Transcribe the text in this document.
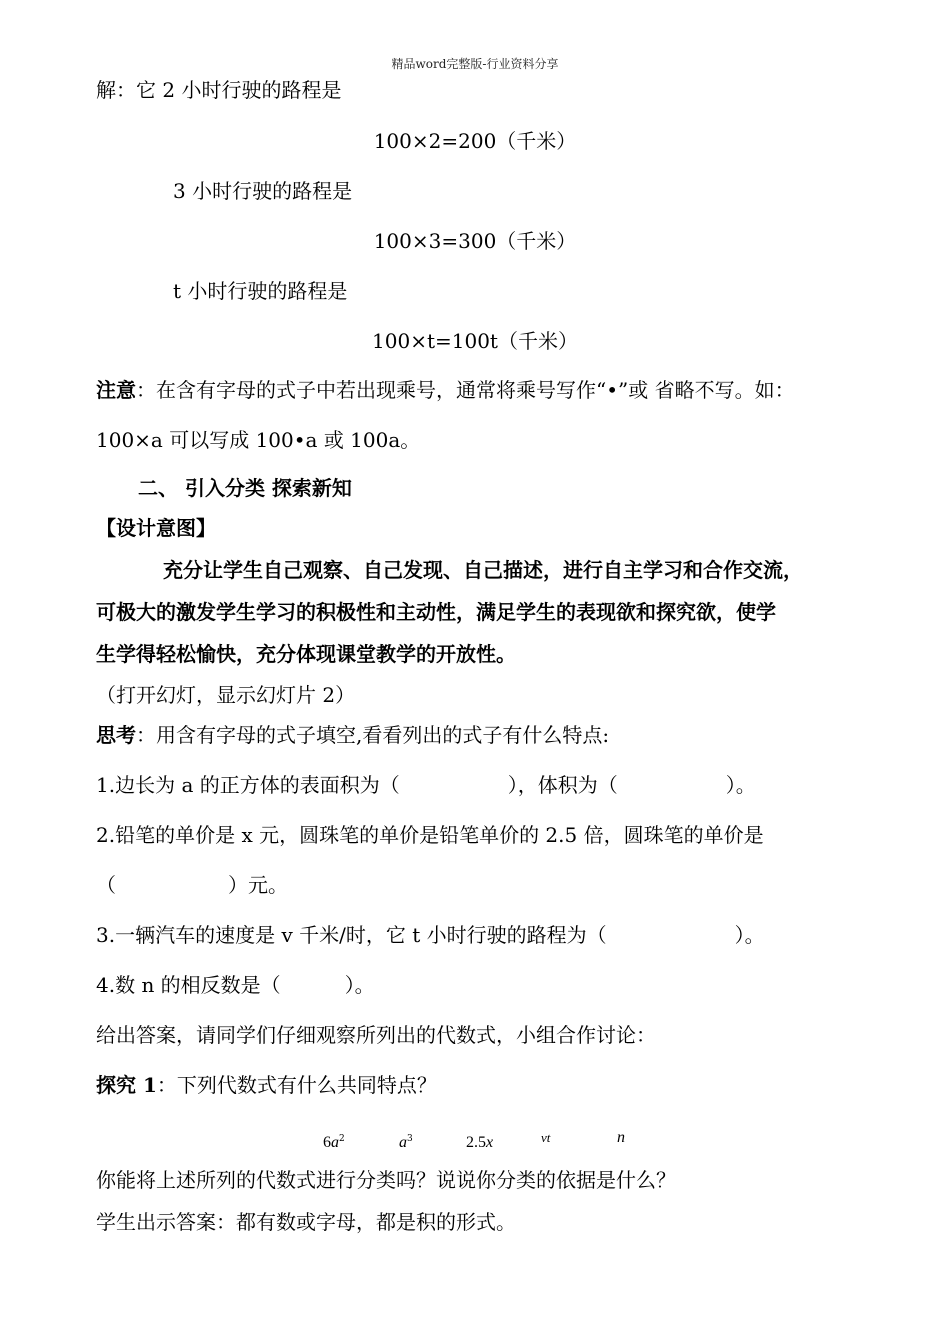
精品word完整版-行业资料分享
解：它 2 小时行驶的路程是
100×2=200（千米）
3 小时行驶的路程是
100×3=300（千米）
t 小时行驶的路程是
100×t=100t（千米）
注意：在含有字母的式子中若出现乘号，通常将乘号写作“•”或 省略不写。如：
100×a 可以写成 100•a 或 100a。
二、 引入分类 探索新知
【设计意图】
充分让学生自己观察、自己发现、自己描述，进行自主学习和合作交流，
可极大的激发学生学习的积极性和主动性，满足学生的表现欲和探究欲，使学
生学得轻松愉快，充分体现课堂教学的开放性。
（打开幻灯，显示幻灯片 2）
思考：用含有字母的式子填空,看看列出的式子有什么特点:
1.边长为 a 的正方体的表面积为（	），体积为（	）。
2.铅笔的单价是 x 元，圆珠笔的单价是铅笔单价的 2.5 倍，圆珠笔的单价是
（	）元。
3.一辆汽车的速度是 v 千米/时，它 t 小时行驶的路程为（	）。
4.数 n 的相反数是（	）。
给出答案，请同学们仔细观察所列出的代数式，小组合作讨论：
探究 1：下列代数式有什么共同特点？
$6a^2$	$a^3$	2.5x	vt	n
你能将上述所列的代数式进行分类吗？说说你分类的依据是什么？
学生出示答案：都有数或字母，都是积的形式。
